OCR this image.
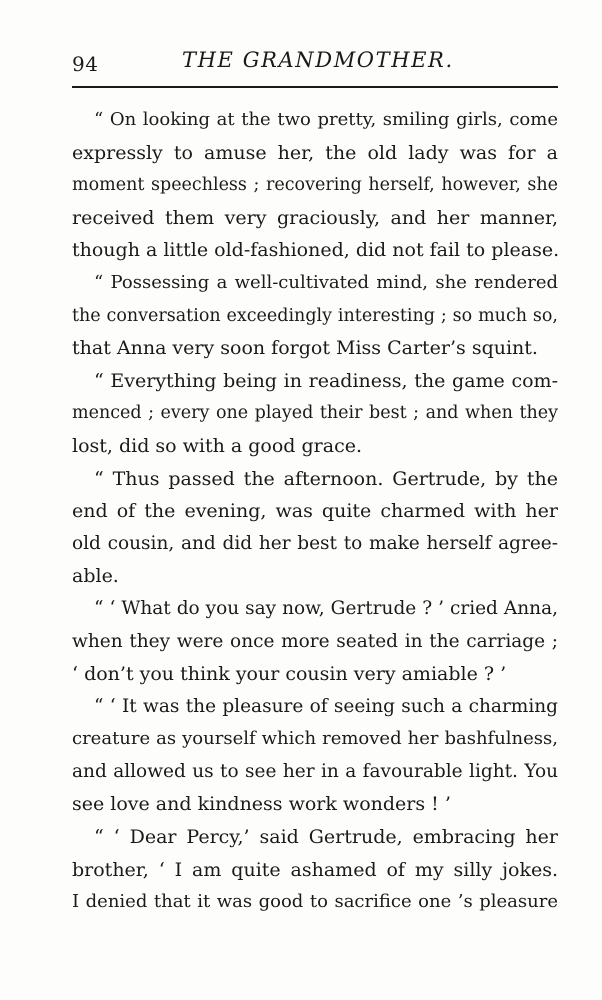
94	THE GRANDMOTHER.
“ On looking at the two pretty, smiling girls, come
expressly to amuse her, the old lady was for a
moment speechless ; recovering herself, however, she
received them very graciously, and her manner,
though a little old-fashioned, did not fail to please.
“ Possessing a well-cultivated mind, she rendered
the conversation exceedingly interesting ; so much so,
that Anna very soon forgot Miss Carter’s squint.
“ Everything being in readiness, the game com-
menced ; every one played their best ; and when they
lost, did so with a good grace.
“ Thus passed the afternoon. Gertrude, by the
end of the evening, was quite charmed with her
old cousin, and did her best to make herself agree-
able.
“ ‘ What do you say now, Gertrude ? ’ cried Anna,
when they were once more seated in the carriage ;
‘ don’t you think your cousin very amiable ? ’
“ ‘ It was the pleasure of seeing such a charming
creature as yourself which removed her bashfulness,
and allowed us to see her in a favourable light. You
see love and kindness work wonders ! ’
“ ‘ Dear Percy,’ said Gertrude, embracing her
brother, ‘ I am quite ashamed of my silly jokes.
I denied that it was good to sacrifice one ’s pleasure
